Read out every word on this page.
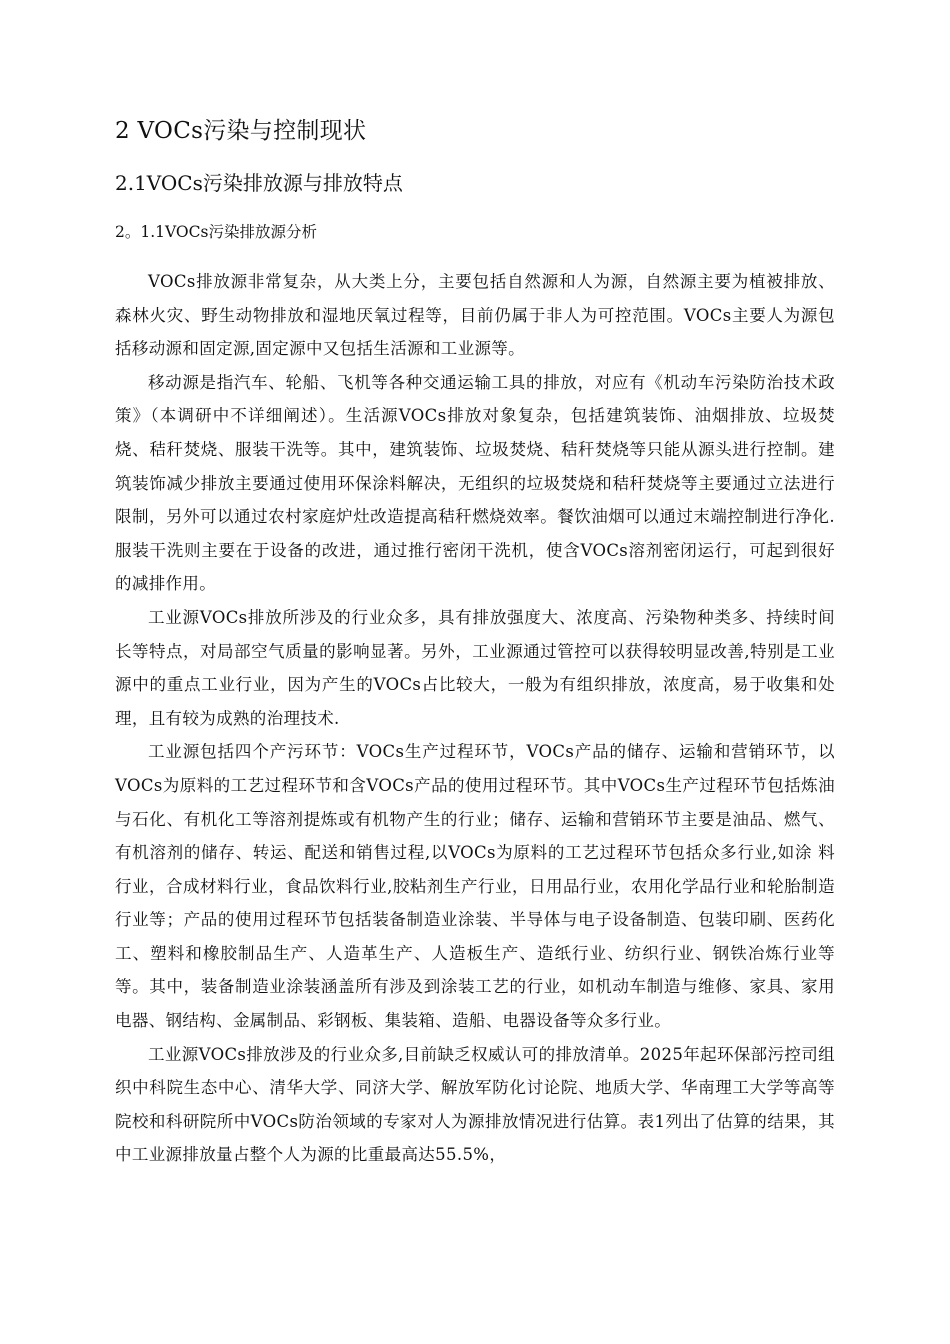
2 VOCs污染与控制现状
2.1VOCs污染排放源与排放特点
2。1.1VOCs污染排放源分析

VOCs排放源非常复杂，从大类上分，主要包括自然源和人为源，自然源主要为植被排放、森林火灾、野生动物排放和湿地厌氧过程等，目前仍属于非人为可控范围。VOCs主要人为源包括移动源和固定源,固定源中又包括生活源和工业源等。

移动源是指汽车、轮船、飞机等各种交通运输工具的排放，对应有《机动车污染防治技术政策》（本调研中不详细阐述）。生活源VOCs排放对象复杂，包括建筑装饰、油烟排放、垃圾焚烧、秸秆焚烧、服装干洗等。其中，建筑装饰、垃圾焚烧、秸秆焚烧等只能从源头进行控制。建筑装饰减少排放主要通过使用环保涂料解决，无组织的垃圾焚烧和秸秆焚烧等主要通过立法进行限制，另外可以通过农村家庭炉灶改造提高秸秆燃烧效率。餐饮油烟可以通过末端控制进行净化.服装干洗则主要在于设备的改进，通过推行密闭干洗机，使含VOCs溶剂密闭运行，可起到很好的减排作用。

工业源VOCs排放所涉及的行业众多，具有排放强度大、浓度高、污染物种类多、持续时间长等特点，对局部空气质量的影响显著。另外，工业源通过管控可以获得较明显改善,特别是工业源中的重点工业行业，因为产生的VOCs占比较大，一般为有组织排放，浓度高，易于收集和处理，且有较为成熟的治理技术.

工业源包括四个产污环节：VOCs生产过程环节，VOCs产品的储存、运输和营销环节，以VOCs为原料的工艺过程环节和含VOCs产品的使用过程环节。其中VOCs生产过程环节包括炼油与石化、有机化工等溶剂提炼或有机物产生的行业；储存、运输和营销环节主要是油品、燃气、有机溶剂的储存、转运、配送和销售过程,以VOCs为原料的工艺过程环节包括众多行业,如涂 料行业，合成材料行业，食品饮料行业,胶粘剂生产行业，日用品行业，农用化学品行业和轮胎制造行业等；产品的使用过程环节包括装备制造业涂装、半导体与电子设备制造、包装印刷、医药化工、塑料和橡胶制品生产、人造革生产、人造板生产、造纸行业、纺织行业、钢铁冶炼行业等等。其中，装备制造业涂装涵盖所有涉及到涂装工艺的行业，如机动车制造与维修、家具、家用电器、钢结构、金属制品、彩钢板、集装箱、造船、电器设备等众多行业。

工业源VOCs排放涉及的行业众多,目前缺乏权威认可的排放清单。2025年起环保部污控司组织中科院生态中心、清华大学、同济大学、解放军防化讨论院、地质大学、华南理工大学等高等院校和科研院所中VOCs防治领域的专家对人为源排放情况进行估算。表1列出了估算的结果，其中工业源排放量占整个人为源的比重最高达55.5%，
